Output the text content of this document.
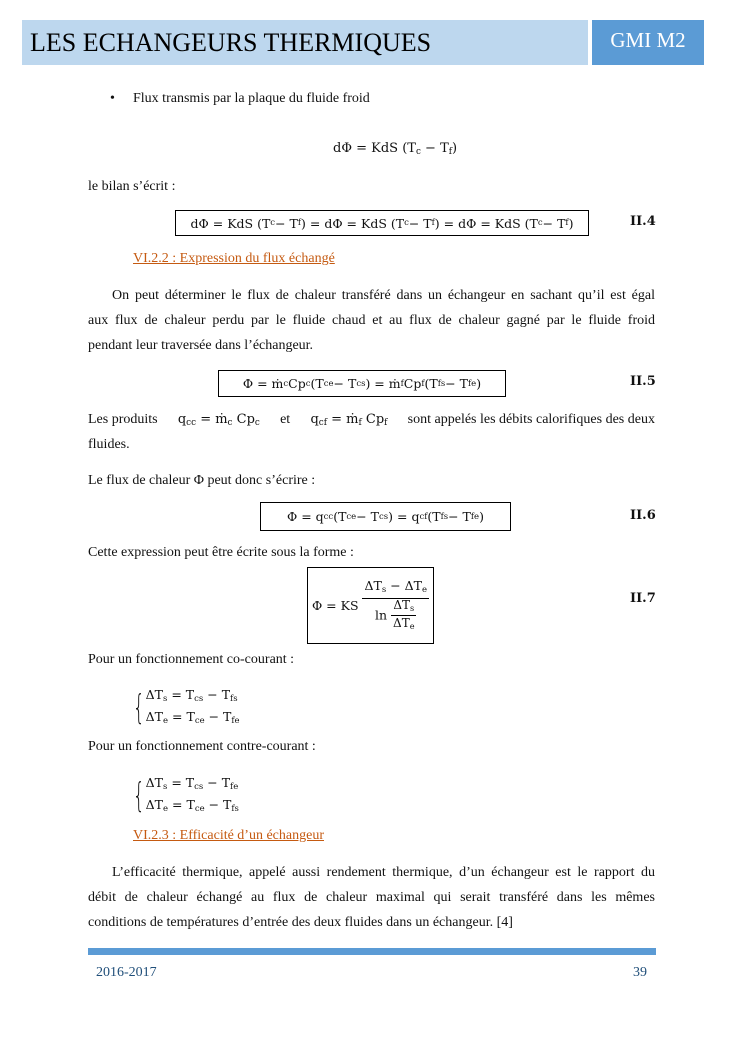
LES ECHANGEURS THERMIQUES	GMI M2
• Flux transmis par la plaque du fluide froid
dΦ = KdS $(T_c - T_f)$
le bilan s’écrit :
dΦ = KdS (T c − T f ) = dΦ = KdS (T c − T f ) = dΦ = KdS (T c − T f )	II.4
VI.2.2 : Expression du flux échangé
On peut déterminer le flux de chaleur transféré dans un échangeur en sachant qu’il est égal
aux flux de chaleur perdu par le fluide chaud et au flux de chaleur gagné par le fluide froid
pendant leur traversée dans l’échangeur.
Φ = ṁ c Cp c (T ce − T cs ) = ṁ f Cp f (T fs − T fe )	II.5
Les produits $q_{cc}$ = ṁ$_c$ $Cp_c$ et $q_{cf}$ = ṁ$_f$ $Cp_f$ sont appelés les débits calorifiques des deux
fluides.
Le flux de chaleur Φ peut donc s’écrire :
Φ = q cc (T ce − T cs ) = q cf (T fs − T fe )	II.6
Cette expression peut être écrite sous la forme :
Φ = KS $\frac{\Delta T_s - \Delta T_e}{\ln \frac{\Delta T_s}{\Delta T_e}}$	II.7
Pour un fonctionnement co-courant :
{ $\Delta T_s = T_{cs} - T_{fs}$
$\Delta T_e = T_{ce} - T_{fe}$
Pour un fonctionnement contre-courant :
{ $\Delta T_s = T_{cs} - T_{fe}$
$\Delta T_e = T_{ce} - T_{fs}$
VI.2.3 : Efficacité d’un échangeur
L’efficacité thermique, appelé aussi rendement thermique, d’un échangeur est le rapport du
débit de chaleur échangé au flux de chaleur maximal qui serait transféré dans les mêmes
conditions de températures d’entrée des deux fluides dans un échangeur. [4]
2016-2017	39
